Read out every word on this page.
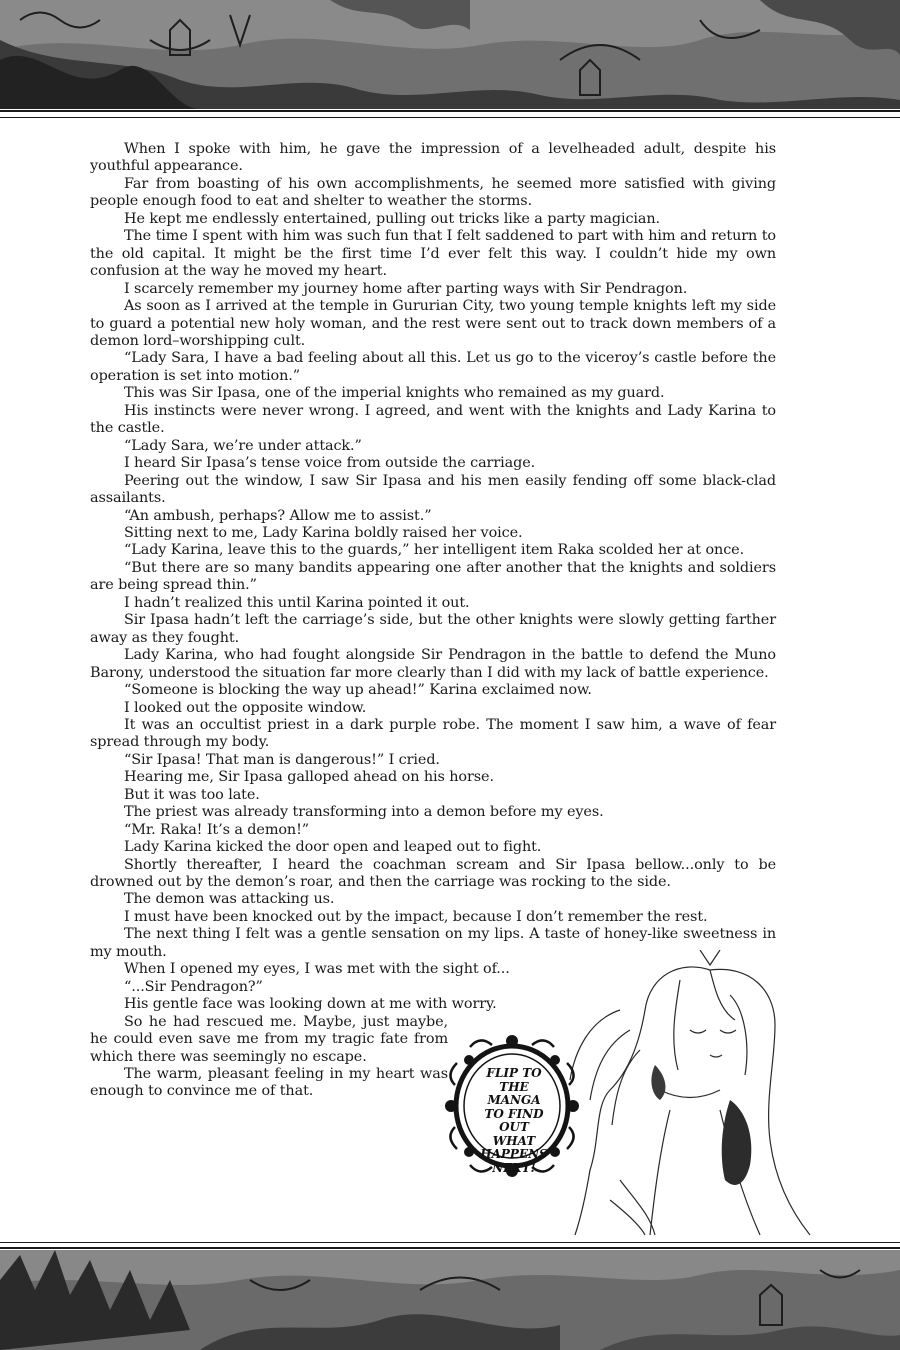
When I spoke with him, he gave the impression of a levelheaded adult, despite his youthful appearance.

Far from boasting of his own accomplishments, he seemed more satisfied with giving people enough food to eat and shelter to weather the storms.

He kept me endlessly entertained, pulling out tricks like a party magician.

The time I spent with him was such fun that I felt saddened to part with him and return to the old capital. It might be the first time I’d ever felt this way. I couldn’t hide my own confusion at the way he moved my heart.

I scarcely remember my journey home after parting ways with Sir Pendragon.

As soon as I arrived at the temple in Gururian City, two young temple knights left my side to guard a potential new holy woman, and the rest were sent out to track down members of a demon lord–worshipping cult.

“Lady Sara, I have a bad feeling about all this. Let us go to the viceroy’s castle before the operation is set into motion.”

This was Sir Ipasa, one of the imperial knights who remained as my guard.

His instincts were never wrong. I agreed, and went with the knights and Lady Karina to the castle.

“Lady Sara, we’re under attack.”

I heard Sir Ipasa’s tense voice from outside the carriage.

Peering out the window, I saw Sir Ipasa and his men easily fending off some black-clad assailants.

“An ambush, perhaps? Allow me to assist.”

Sitting next to me, Lady Karina boldly raised her voice.

“Lady Karina, leave this to the guards,” her intelligent item Raka scolded her at once.

“But there are so many bandits appearing one after another that the knights and soldiers are being spread thin.”

I hadn’t realized this until Karina pointed it out.

Sir Ipasa hadn’t left the carriage’s side, but the other knights were slowly getting farther away as they fought.

Lady Karina, who had fought alongside Sir Pendragon in the battle to defend the Muno Barony, understood the situation far more clearly than I did with my lack of battle experience.

“Someone is blocking the way up ahead!” Karina exclaimed now.

I looked out the opposite window.

It was an occultist priest in a dark purple robe. The moment I saw him, a wave of fear spread through my body.

“Sir Ipasa! That man is dangerous!” I cried.

Hearing me, Sir Ipasa galloped ahead on his horse.

But it was too late.

The priest was already transforming into a demon before my eyes.

“Mr. Raka! It’s a demon!”

Lady Karina kicked the door open and leaped out to fight.

Shortly thereafter, I heard the coachman scream and Sir Ipasa bellow...only to be drowned out by the demon’s roar, and then the carriage was rocking to the side.

The demon was attacking us.

I must have been knocked out by the impact, because I don’t remember the rest.

The next thing I felt was a gentle sensation on my lips. A taste of honey-like sweetness in my mouth.

When I opened my eyes, I was met with the sight of...

“...Sir Pendragon?”

His gentle face was looking down at me with worry.

So he had rescued me. Maybe, just maybe, he could even save me from my tragic fate from which there was seemingly no escape.

The warm, pleasant feeling in my heart was enough to convince me of that.

FLIP TO
THE MANGA
TO FIND OUT
WHAT
HAPPENS
NEXT!
